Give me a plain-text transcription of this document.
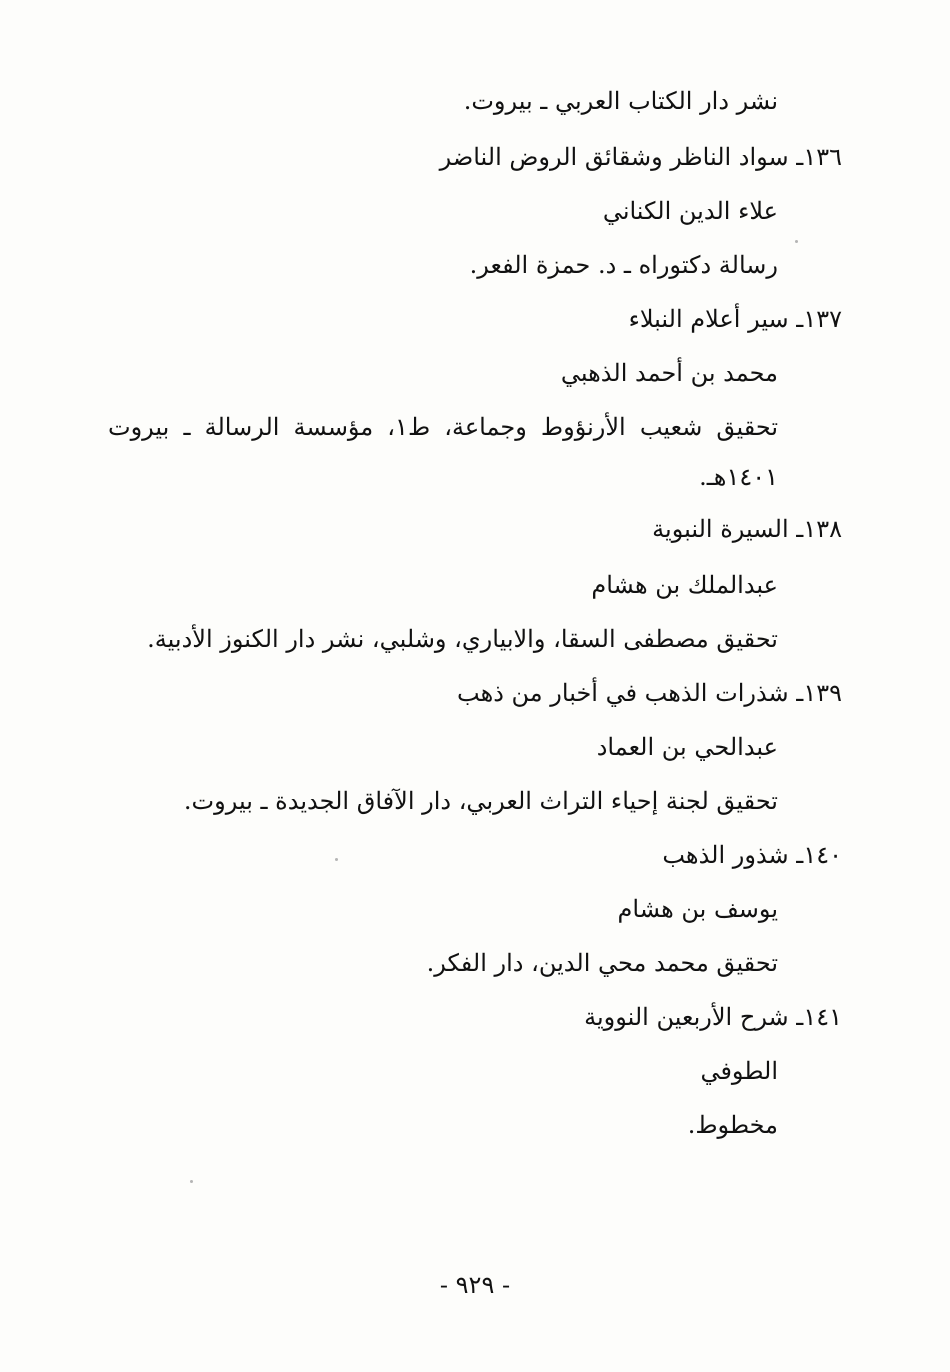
نشر دار الكتاب العربي ـ بيروت.

١٣٦ـ سواد الناظر وشقائق الروض الناضر

علاء الدين الكناني

رسالة دكتوراه ـ د. حمزة الفعر.

١٣٧ـ سير أعلام النبلاء

محمد بن أحمد الذهبي

تحقيق شعيب الأرنؤوط وجماعة، ط١، مؤسسة الرسالة ـ بيروت

١٤٠١هـ.

١٣٨ـ السيرة النبوية

عبدالملك بن هشام

تحقيق مصطفى السقا، والابياري، وشلبي، نشر دار الكنوز الأدبية.

١٣٩ـ شذرات الذهب في أخبار من ذهب

عبدالحي بن العماد

تحقيق لجنة إحياء التراث العربي، دار الآفاق الجديدة ـ بيروت.

١٤٠ـ شذور الذهب

يوسف بن هشام

تحقيق محمد محي الدين، دار الفكر.

١٤١ـ شرح الأربعين النووية

الطوفي

مخطوط.

- ٩٢٩ -
